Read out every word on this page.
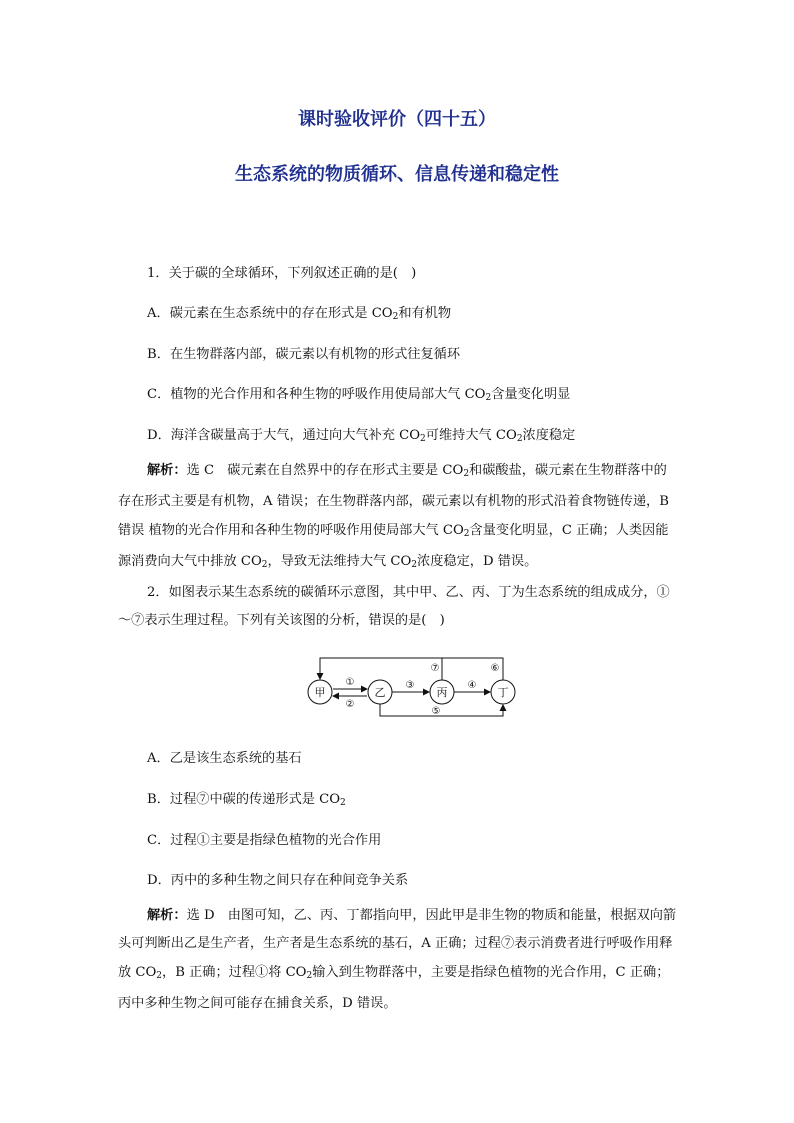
课时验收评价（四十五）
生态系统的物质循环、信息传递和稳定性
1．关于碳的全球循环，下列叙述正确的是(　)
A．碳元素在生态系统中的存在形式是 $CO_2$和有机物
B．在生物群落内部，碳元素以有机物的形式往复循环
C．植物的光合作用和各种生物的呼吸作用使局部大气 $CO_2$含量变化明显
D．海洋含碳量高于大气，通过向大气补充 $CO_2$可维持大气 $CO_2$浓度稳定
解析：选 C　碳元素在自然界中的存在形式主要是 $CO_2$和碳酸盐，碳元素在生物群落中的存在形式主要是有机物，A 错误；在生物群落内部，碳元素以有机物的形式沿着食物链传递，B 错误 植物的光合作用和各种生物的呼吸作用使局部大气 $CO_2$含量变化明显，C 正确；人类因能源消费向大气中排放 $CO_2$，导致无法维持大气 $CO_2$浓度稳定，D 错误。
2．如图表示某生态系统的碳循环示意图，其中甲、乙、丙、丁为生态系统的组成成分，①～⑦表示生理过程。下列有关该图的分析，错误的是(　)
甲	乙	丙	丁
①
②
③	④
⑤
⑦	⑥
A．乙是该生态系统的基石
B．过程⑦中碳的传递形式是 $CO_2$
C．过程①主要是指绿色植物的光合作用
D．丙中的多种生物之间只存在种间竞争关系
解析：选 D　由图可知，乙、丙、丁都指向甲，因此甲是非生物的物质和能量，根据双向箭头可判断出乙是生产者，生产者是生态系统的基石，A 正确；过程⑦表示消费者进行呼吸作用释放 $CO_2$，B 正确；过程①将 $CO_2$输入到生物群落中，主要是指绿色植物的光合作用，C 正确；丙中多种生物之间可能存在捕食关系，D 错误。
